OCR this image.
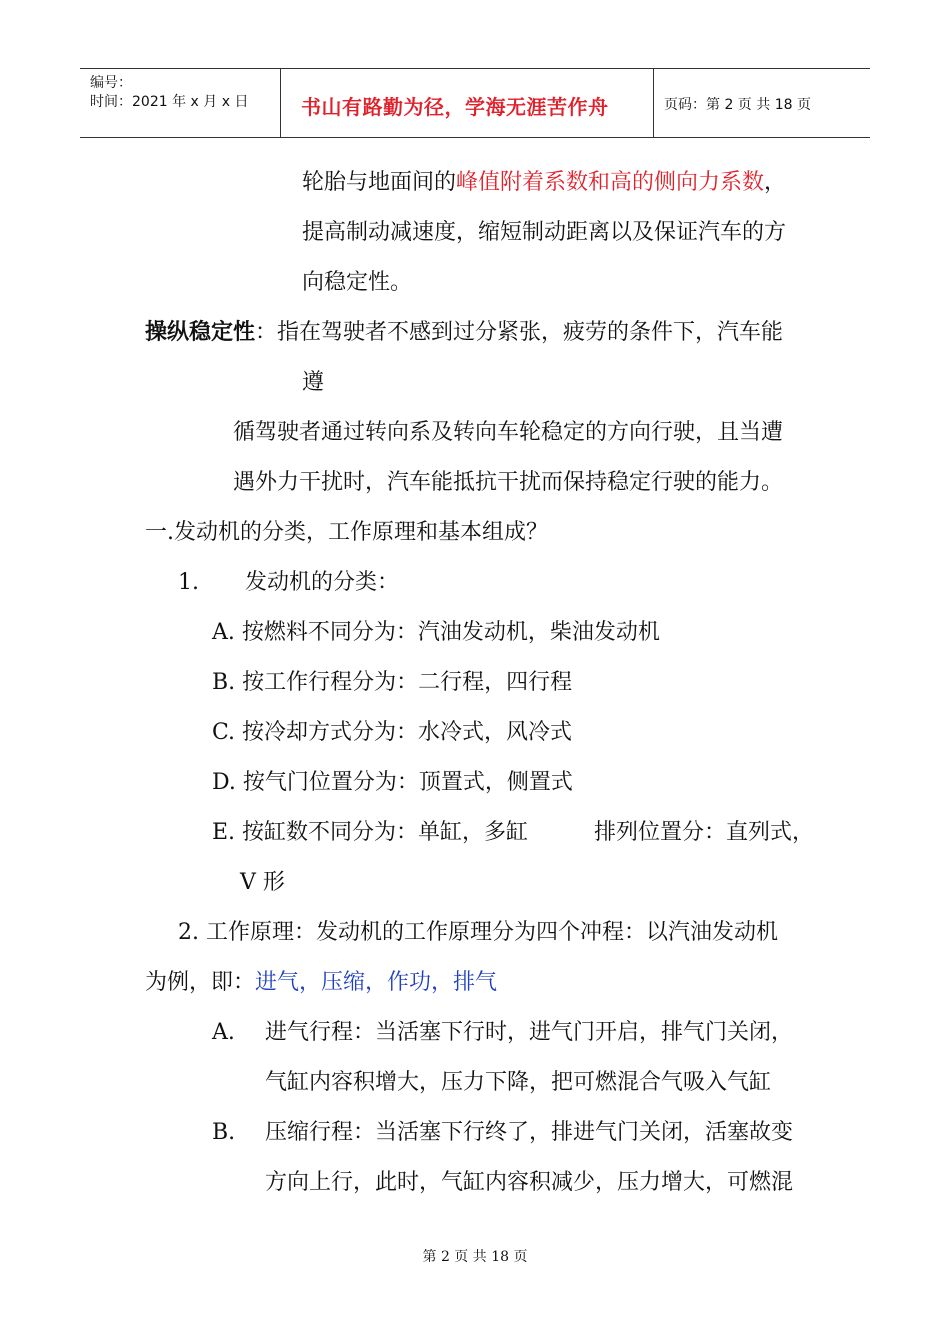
编号：
时间：2021 年 x 月 x 日	书山有路勤为径，学海无涯苦作舟	页码：第 2 页 共 18 页
轮胎与地面间的峰值附着系数和高的侧向力系数，
提高制动减速度，缩短制动距离以及保证汽车的方
向稳定性。
操纵稳定性：指在驾驶者不感到过分紧张，疲劳的条件下，汽车能
遵
循驾驶者通过转向系及转向车轮稳定的方向行驶，且当遭
遇外力干扰时，汽车能抵抗干扰而保持稳定行驶的能力。
一.发动机的分类，工作原理和基本组成？
1. 发动机的分类：
A. 按燃料不同分为：汽油发动机，柴油发动机
B. 按工作行程分为：二行程，四行程
C. 按冷却方式分为：水冷式，风冷式
D. 按气门位置分为：顶置式，侧置式
E. 按缸数不同分为：单缸，多缸	排列位置分：直列式，
V 形
2. 工作原理：发动机的工作原理分为四个冲程：以汽油发动机
为例，即：进气，压缩，作功，排气
A. 进气行程：当活塞下行时，进气门开启，排气门关闭，
气缸内容积增大，压力下降，把可燃混合气吸入气缸
B. 压缩行程：当活塞下行终了，排进气门关闭，活塞故变
方向上行，此时，气缸内容积减少，压力增大，可燃混
第 2 页 共 18 页
